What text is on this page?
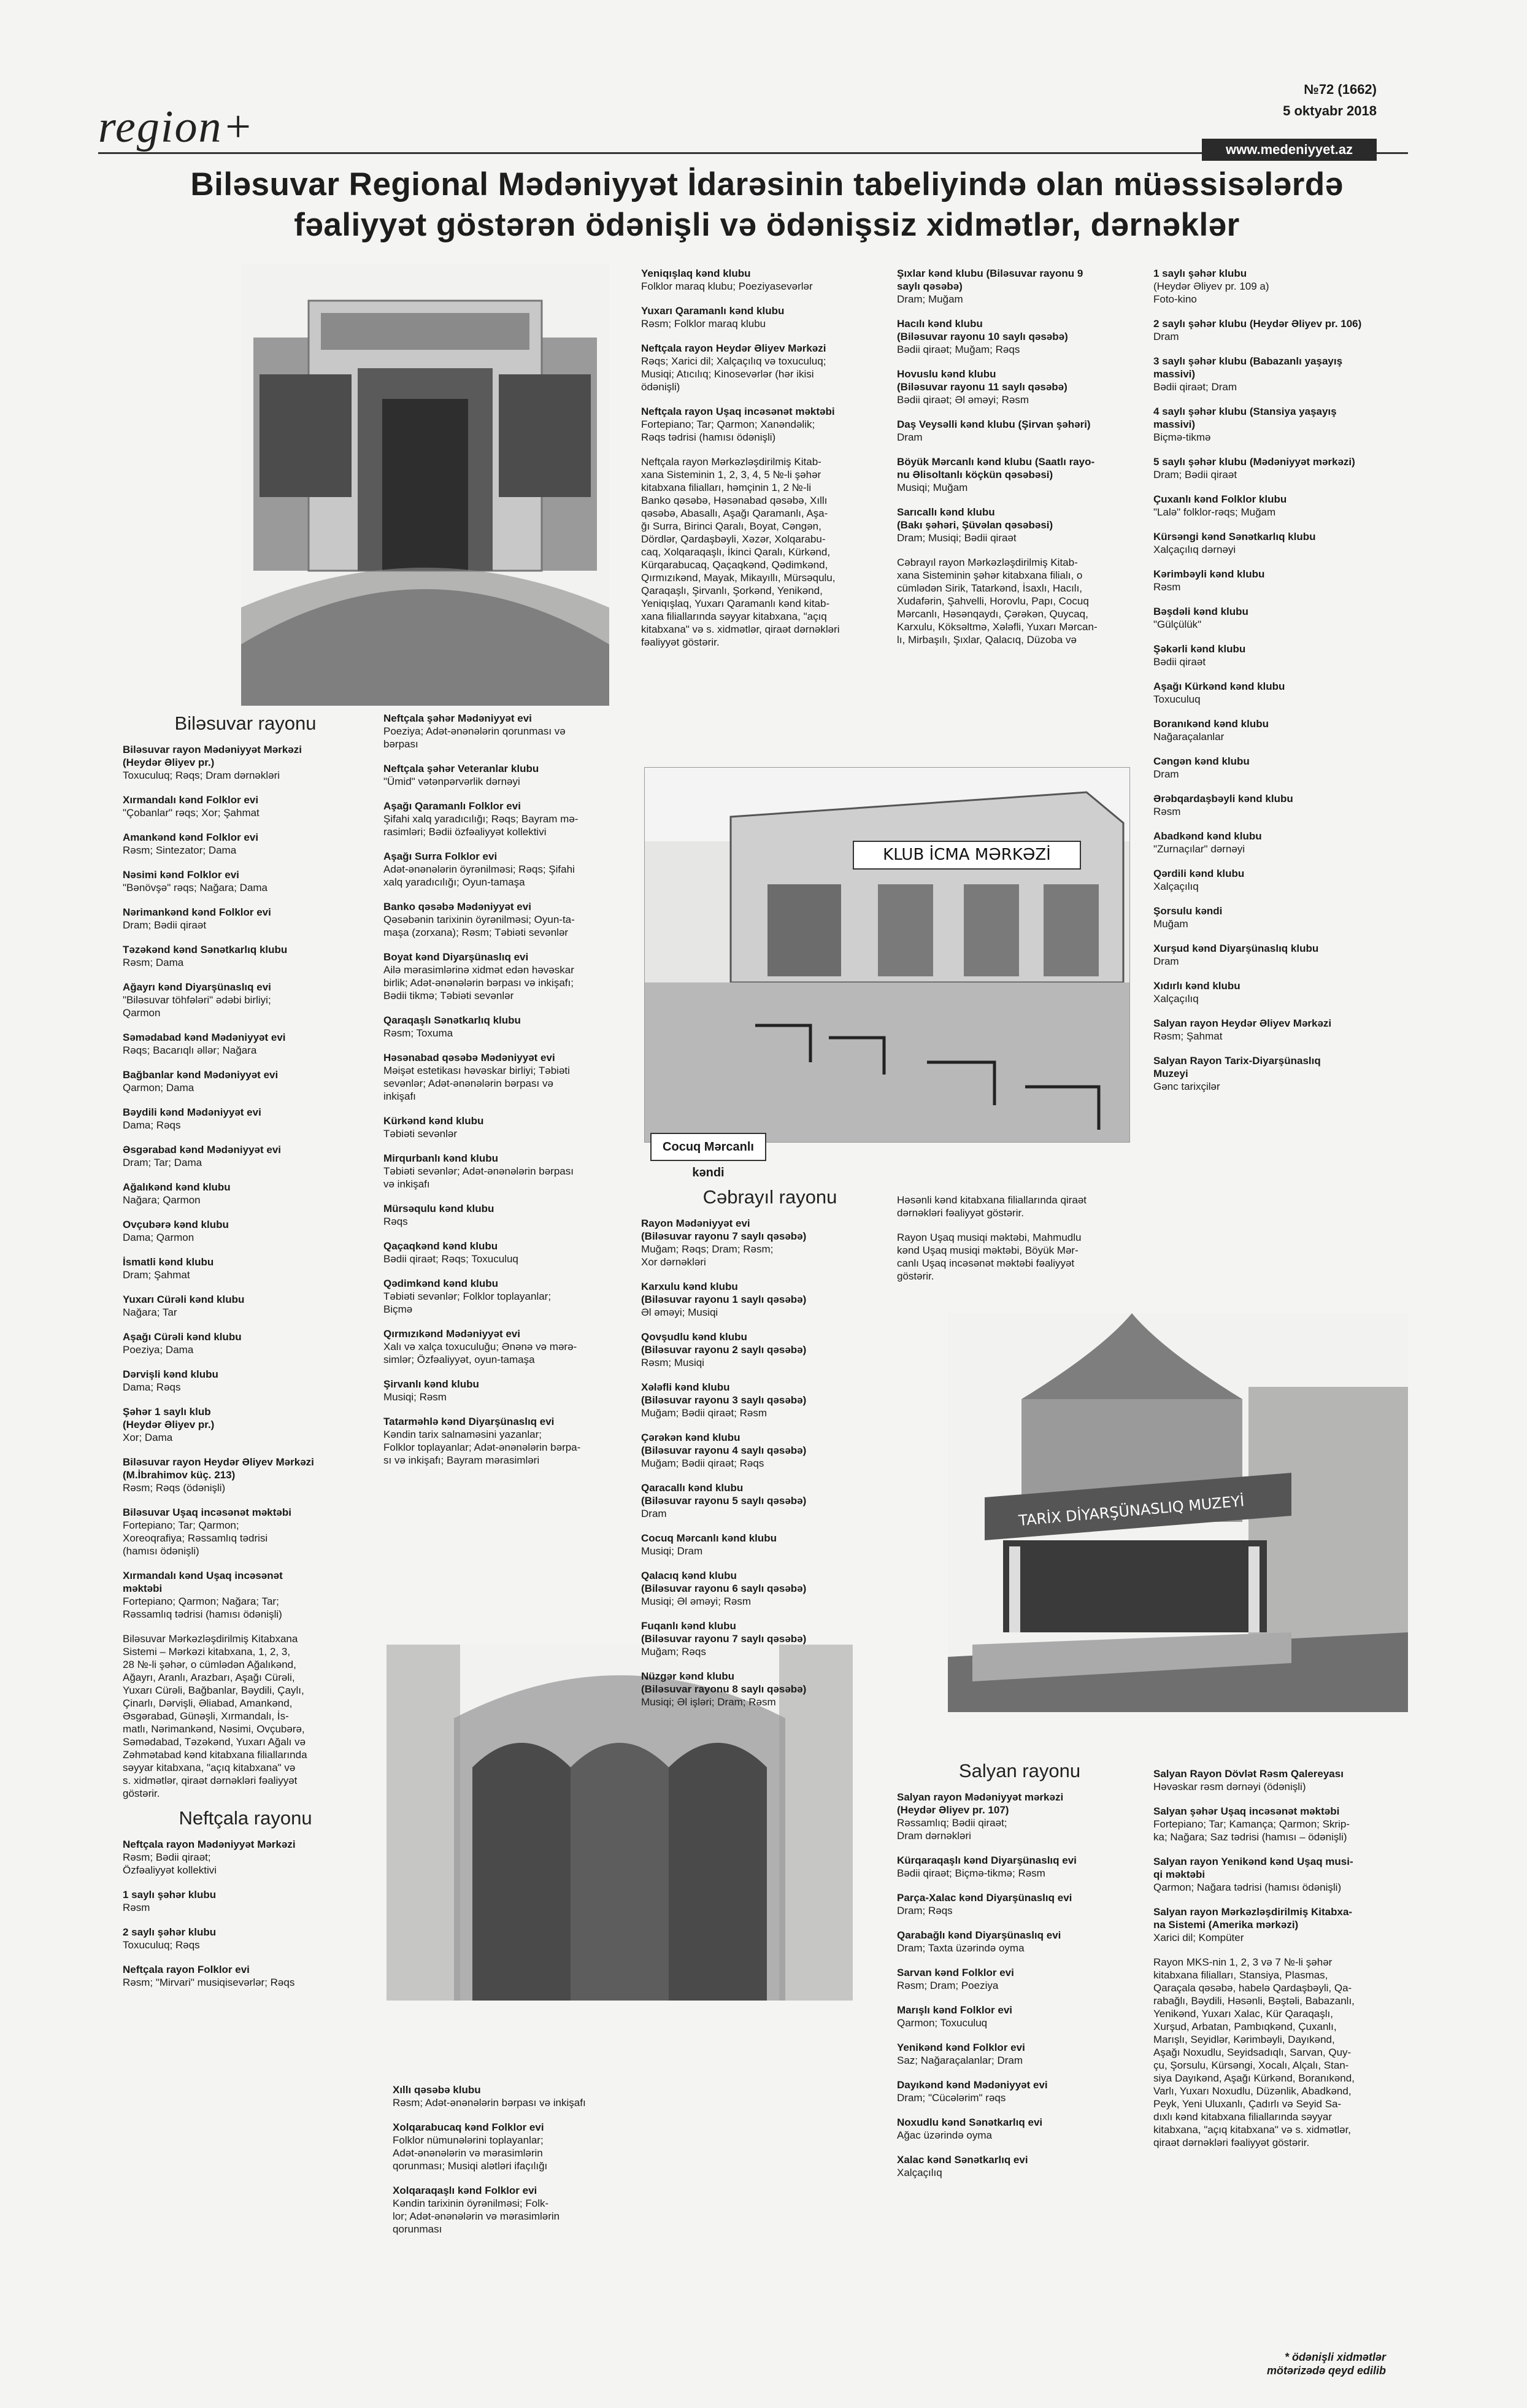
region+
№72 (1662)
5 oktyabr 2018
www.medeniyyet.az
Biləsuvar Regional Mədəniyyət İdarəsinin tabeliyində olan müəssisələrdə
fəaliyyət göstərən ödənişli və ödənişsiz xidmətlər, dərnəklər
Biləsuvar rayonu
Biləsuvar rayon Mədəniyyət Mərkəzi
(Heydər Əliyev pr.)
Toxuculuq; Rəqs; Dram dərnəkləri
Xırmandalı kənd Folklor evi
"Çobanlar" rəqs; Xor; Şahmat
Amankənd kənd Folklor evi
Rəsm; Sintezator; Dama
Nəsimi kənd Folklor evi
"Bənövşə" rəqs; Nağara; Dama
Nərimankənd kənd Folklor evi
Dram; Bədii qiraət
Təzəkənd kənd Sənətkarlıq klubu
Rəsm; Dama
Ağayrı kənd Diyarşünaslıq evi
"Biləsuvar töhfələri" ədəbi birliyi;
Qarmon
Səmədabad kənd Mədəniyyət evi
Rəqs; Bacarıqlı əllər; Nağara
Bağbanlar kənd Mədəniyyət evi
Qarmon; Dama
Bəydili kənd Mədəniyyət evi
Dama; Rəqs
Əsgərabad kənd Mədəniyyət evi
Dram; Tar; Dama
Ağalıkənd kənd klubu
Nağara; Qarmon
Ovçubərə kənd klubu
Dama; Qarmon
İsmatli kənd klubu
Dram; Şahmat
Yuxarı Cürəli kənd klubu
Nağara; Tar
Aşağı Cürəli kənd klubu
Poeziya; Dama
Dərvişli kənd klubu
Dama; Rəqs
Şəhər 1 saylı klub
(Heydər Əliyev pr.)
Xor; Dama
Biləsuvar rayon Heydər Əliyev Mərkəzi
(M.İbrahimov küç. 213)
Rəsm; Rəqs (ödənişli)
Biləsuvar Uşaq incəsənət məktəbi
Fortepiano; Tar; Qarmon;
Xoreoqrafiya; Rəssamlıq tədrisi
(hamısı ödənişli)
Xırmandalı kənd Uşaq incəsənət
məktəbi
Fortepiano; Qarmon; Nağara; Tar;
Rəssamlıq tədrisi (hamısı ödənişli)
Biləsuvar Mərkəzləşdirilmiş Kitabxana
Sistemi – Mərkəzi kitabxana, 1, 2, 3,
28 №-li şəhər, o cümlədən Ağalıkənd,
Ağayrı, Aranlı, Arazbarı, Aşağı Cürəli,
Yuxarı Cürəli, Bağbanlar, Bəydili, Çaylı,
Çinarlı, Dərvişli, Əliabad, Amankənd,
Əsgərabad, Günəşli, Xırmandalı, İs-
matlı, Nərimankənd, Nəsimi, Ovçubərə,
Səmədabad, Təzəkənd, Yuxarı Ağalı və
Zəhmətabad kənd kitabxana filiallarında
səyyar kitabxana, "açıq kitabxana" və
s. xidmətlər, qiraət dərnəkləri fəaliyyət
göstərir.
Neftçala rayonu
Neftçala rayon Mədəniyyət Mərkəzi
Rəsm; Bədii qiraət;
Özfəaliyyət kollektivi
1 saylı şəhər klubu
Rəsm
2 saylı şəhər klubu
Toxuculuq; Rəqs
Neftçala rayon Folklor evi
Rəsm; "Mirvari" musiqisevərlər; Rəqs
Neftçala şəhər Mədəniyyət evi
Poeziya; Adət-ənənələrin qorunması və
bərpası
Neftçala şəhər Veteranlar klubu
"Ümid" vətənpərvərlik dərnəyi
Aşağı Qaramanlı Folklor evi
Şifahi xalq yaradıcılığı; Rəqs; Bayram mə-
rasimləri; Bədii özfəaliyyət kollektivi
Aşağı Surra Folklor evi
Adət-ənənələrin öyrənilməsi; Rəqs; Şifahi
xalq yaradıcılığı; Oyun-tamaşa
Banko qəsəbə Mədəniyyət evi
Qəsəbənin tarixinin öyrənilməsi; Oyun-ta-
maşa (zorxana); Rəsm; Təbiəti sevənlər
Boyat kənd Diyarşünaslıq evi
Ailə mərasimlərinə xidmət edən həvəskar
birlik; Adət-ənənələrin bərpası və inkişafı;
Bədii tikmə; Təbiəti sevənlər
Qaraqaşlı Sənətkarlıq klubu
Rəsm; Toxuma
Həsənabad qəsəbə Mədəniyyət evi
Məişət estetikası həvəskar birliyi; Təbiəti
sevənlər; Adət-ənənələrin bərpası və
inkişafı
Kürkənd kənd klubu
Təbiəti sevənlər
Mirqurbanlı kənd klubu
Təbiəti sevənlər; Adət-ənənələrin bərpası
və inkişafı
Mürsəqulu kənd klubu
Rəqs
Qaçaqkənd kənd klubu
Bədii qiraət; Rəqs; Toxuculuq
Qədimkənd kənd klubu
Təbiəti sevənlər; Folklor toplayanlar;
Biçmə
Qırmızıkənd Mədəniyyət evi
Xalı və xalça toxuculuğu; Ənənə və mərə-
simlər; Özfəaliyyət, oyun-tamaşa
Şirvanlı kənd klubu
Musiqi; Rəsm
Tatarməhlə kənd Diyarşünaslıq evi
Kəndin tarix salnaməsini yazanlar;
Folklor toplayanlar; Adət-ənənələrin bərpa-
sı və inkişafı; Bayram mərasimləri
Xıllı qəsəbə klubu
Rəsm; Adət-ənənələrin bərpası və inkişafı
Xolqarabucaq kənd Folklor evi
Folklor nümunələrini toplayanlar;
Adət-ənənələrin və mərasimlərin
qorunması; Musiqi alətləri ifaçılığı
Xolqaraqaşlı kənd Folklor evi
Kəndin tarixinin öyrənilməsi; Folk-
lor; Adət-ənənələrin və mərasimlərin
qorunması
Yeniqışlaq kənd klubu
Folklor maraq klubu; Poeziyasevərlər
Yuxarı Qaramanlı kənd klubu
Rəsm; Folklor maraq klubu
Neftçala rayon Heydər Əliyev Mərkəzi
Rəqs; Xarici dil; Xalçaçılıq və toxuculuq;
Musiqi; Atıcılıq; Kinosevərlər (hər ikisi
ödənişli)
Neftçala rayon Uşaq incəsənət məktəbi
Fortepiano; Tar; Qarmon; Xanəndəlik;
Rəqs tədrisi (hamısı ödənişli)
Neftçala rayon Mərkəzləşdirilmiş Kitab-
xana Sisteminin 1, 2, 3, 4, 5 №-li şəhər
kitabxana filialları, həmçinin 1, 2 №-li
Banko qəsəbə, Həsənabad qəsəbə, Xıllı
qəsəbə, Abasallı, Aşağı Qaramanlı, Aşa-
ğı Surra, Birinci Qaralı, Boyat, Cəngən,
Dördlər, Qardaşbəyli, Xəzər, Xolqarabu-
caq, Xolqaraqaşlı, İkinci Qaralı, Kürkənd,
Kürqarabucaq, Qaçaqkənd, Qədimkənd,
Qırmızıkənd, Mayak, Mikayıllı, Mürsəqulu,
Qaraqaşlı, Şirvanlı, Şorkənd, Yenikənd,
Yeniqışlaq, Yuxarı Qaramanlı kənd kitab-
xana filiallarında səyyar kitabxana, "açıq
kitabxana" və s. xidmətlər, qiraət dərnəkləri
fəaliyyət göstərir.
KLUB İCMA MƏRKƏZİ
Cocuq Mərcanlı kəndi
Cəbrayıl rayonu
Rayon Mədəniyyət evi
(Biləsuvar rayonu 7 saylı qəsəbə)
Muğam; Rəqs; Dram; Rəsm;
Xor dərnəkləri
Karxulu kənd klubu
(Biləsuvar rayonu 1 saylı qəsəbə)
Əl əməyi; Musiqi
Qovşudlu kənd klubu
(Biləsuvar rayonu 2 saylı qəsəbə)
Rəsm; Musiqi
Xələfli kənd klubu
(Biləsuvar rayonu 3 saylı qəsəbə)
Muğam; Bədii qiraət; Rəsm
Çərəkən kənd klubu
(Biləsuvar rayonu 4 saylı qəsəbə)
Muğam; Bədii qiraət; Rəqs
Qaracallı kənd klubu
(Biləsuvar rayonu 5 saylı qəsəbə)
Dram
Cocuq Mərcanlı kənd klubu
Musiqi; Dram
Qalacıq kənd klubu
(Biləsuvar rayonu 6 saylı qəsəbə)
Musiqi; Əl əməyi; Rəsm
Fuqanlı kənd klubu
(Biləsuvar rayonu 7 saylı qəsəbə)
Muğam; Rəqs
Nüzgər kənd klubu
(Biləsuvar rayonu 8 saylı qəsəbə)
Musiqi; Əl işləri; Dram; Rəsm
Şıxlar kənd klubu (Biləsuvar rayonu 9
saylı qəsəbə)
Dram; Muğam
Hacılı kənd klubu
(Biləsuvar rayonu 10 saylı qəsəbə)
Bədii qiraət; Muğam; Rəqs
Hovuslu kənd klubu
(Biləsuvar rayonu 11 saylı qəsəbə)
Bədii qiraət; Əl əməyi; Rəsm
Daş Veysəlli kənd klubu (Şirvan şəhəri)
Dram
Böyük Mərcanlı kənd klubu (Saatlı rayo-
nu Əlisoltanlı köçkün qəsəbəsi)
Musiqi; Muğam
Sarıcallı kənd klubu
(Bakı şəhəri, Şüvəlan qəsəbəsi)
Dram; Musiqi; Bədii qiraət
Cəbrayıl rayon Mərkəzləşdirilmiş Kitab-
xana Sisteminin şəhər kitabxana filialı, o
cümlədən Sirik, Tatarkənd, İsaxlı, Hacılı,
Xudafərin, Şahvelli, Horovlu, Papı, Cocuq
Mərcanlı, Həsənqaydı, Çərəkən, Quycaq,
Karxulu, Köksəltmə, Xələfli, Yuxarı Mərcan-
lı, Mirbaşılı, Şıxlar, Qalacıq, Düzoba və
Həsənli kənd kitabxana filiallarında qiraət
dərnəkləri fəaliyyət göstərir.
Rayon Uşaq musiqi məktəbi, Mahmudlu
kənd Uşaq musiqi məktəbi, Böyük Mər-
canlı Uşaq incəsənət məktəbi fəaliyyət
göstərir.
TARİX DİYARŞÜNASLIQ MUZEYİ
Salyan rayonu
Salyan rayon Mədəniyyət mərkəzi
(Heydər Əliyev pr. 107)
Rəssamlıq; Bədii qiraət;
Dram dərnəkləri
Kürqaraqaşlı kənd Diyarşünaslıq evi
Bədii qiraət; Biçmə-tikmə; Rəsm
Parça-Xalac kənd Diyarşünaslıq evi
Dram; Rəqs
Qarabağlı kənd Diyarşünaslıq evi
Dram; Taxta üzərində oyma
Sarvan kənd Folklor evi
Rəsm; Dram; Poeziya
Marışlı kənd Folklor evi
Qarmon; Toxuculuq
Yenikənd kənd Folklor evi
Saz; Nağaraçalanlar; Dram
Dayıkənd kənd Mədəniyyət evi
Dram; "Cücələrim" rəqs
Noxudlu kənd Sənətkarlıq evi
Ağac üzərində oyma
Xalac kənd Sənətkarlıq evi
Xalçaçılıq
1 saylı şəhər klubu
(Heydər Əliyev pr. 109 a)
Foto-kino
2 saylı şəhər klubu (Heydər Əliyev pr. 106)
Dram
3 saylı şəhər klubu (Babazanlı yaşayış
massivi)
Bədii qiraət; Dram
4 saylı şəhər klubu (Stansiya yaşayış
massivi)
Biçmə-tikmə
5 saylı şəhər klubu (Mədəniyyət mərkəzi)
Dram; Bədii qiraət
Çuxanlı kənd Folklor klubu
"Lalə" folklor-rəqs; Muğam
Kürsəngi kənd Sənətkarlıq klubu
Xalçaçılıq dərnəyi
Kərimbəyli kənd klubu
Rəsm
Bəşdəli kənd klubu
"Gülçülük"
Şəkərli kənd klubu
Bədii qiraət
Aşağı Kürkənd kənd klubu
Toxuculuq
Boranıkənd kənd klubu
Nağaraçalanlar
Cəngən kənd klubu
Dram
Ərəbqardaşbəyli kənd klubu
Rəsm
Abadkənd kənd klubu
"Zurnaçılar" dərnəyi
Qərdili kənd klubu
Xalçaçılıq
Şorsulu kəndi
Muğam
Xurşud kənd Diyarşünaslıq klubu
Dram
Xıdırlı kənd klubu
Xalçaçılıq
Salyan rayon Heydər Əliyev Mərkəzi
Rəsm; Şahmat
Salyan Rayon Tarix-Diyarşünaslıq
Muzeyi
Gənc tarixçilər
Salyan Rayon Dövlət Rəsm Qalereyası
Həvəskar rəsm dərnəyi (ödənişli)
Salyan şəhər Uşaq incəsənət məktəbi
Fortepiano; Tar; Kamança; Qarmon; Skrip-
ka; Nağara; Saz tədrisi (hamısı – ödənişli)
Salyan rayon Yenikənd kənd Uşaq musi-
qi məktəbi
Qarmon; Nağara tədrisi (hamısı ödənişli)
Salyan rayon Mərkəzləşdirilmiş Kitabxa-
na Sistemi (Amerika mərkəzi)
Xarici dil; Kompüter
Rayon MKS-nin 1, 2, 3 və 7 №-li şəhər
kitabxana filialları, Stansiya, Plasmas,
Qaraçala qəsəbə, habelə Qardaşbəyli, Qa-
rabağlı, Bəydili, Həsənli, Bəştəli, Babazanlı,
Yenikənd, Yuxarı Xalac, Kür Qaraqaşlı,
Xurşud, Arbatan, Pambıqkənd, Çuxanlı,
Marışlı, Seyidlər, Kərimbəyli, Dayıkənd,
Aşağı Noxudlu, Seyidsadıqlı, Sarvan, Quy-
çu, Şorsulu, Kürsəngi, Xocalı, Alçalı, Stan-
siya Dayıkənd, Aşağı Kürkənd, Boranıkənd,
Varlı, Yuxarı Noxudlu, Düzənlik, Abadkənd,
Peyk, Yeni Uluxanlı, Çadırlı və Seyid Sa-
dıxlı kənd kitabxana filiallarında səyyar
kitabxana, "açıq kitabxana" və s. xidmətlər,
qiraət dərnəkləri fəaliyyət göstərir.
* ödənişli xidmətlər
mötərizədə qeyd edilib
